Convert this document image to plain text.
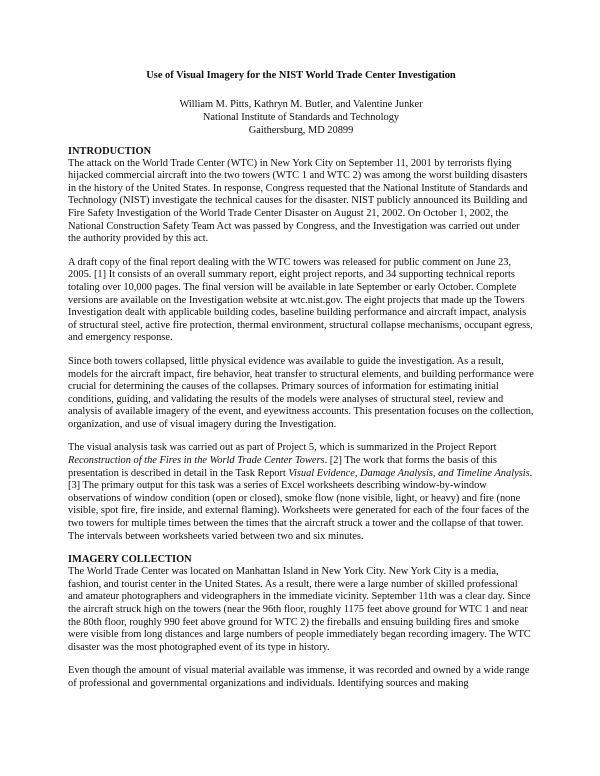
Use of Visual Imagery for the NIST World Trade Center Investigation
William M. Pitts, Kathryn M. Butler, and Valentine Junker
National Institute of Standards and Technology
Gaithersburg, MD 20899
INTRODUCTION

The attack on the World Trade Center (WTC) in New York City on September 11, 2001 by terrorists flying hijacked commercial aircraft into the two towers (WTC 1 and WTC 2) was among the worst building disasters in the history of the United States. In response, Congress requested that the National Institute of Standards and Technology (NIST) investigate the technical causes for the disaster. NIST publicly announced its Building and Fire Safety Investigation of the World Trade Center Disaster on August 21, 2002. On October 1, 2002, the National Construction Safety Team Act was passed by Congress, and the Investigation was carried out under the authority provided by this act.

A draft copy of the final report dealing with the WTC towers was released for public comment on June 23, 2005. [1] It consists of an overall summary report, eight project reports, and 34 supporting technical reports totaling over 10,000 pages. The final version will be available in late September or early October. Complete versions are available on the Investigation website at wtc.nist.gov. The eight projects that made up the Towers Investigation dealt with applicable building codes, baseline building performance and aircraft impact, analysis of structural steel, active fire protection, thermal environment, structural collapse mechanisms, occupant egress, and emergency response.

Since both towers collapsed, little physical evidence was available to guide the investigation. As a result, models for the aircraft impact, fire behavior, heat transfer to structural elements, and building performance were crucial for determining the causes of the collapses. Primary sources of information for estimating initial conditions, guiding, and validating the results of the models were analyses of structural steel, review and analysis of available imagery of the event, and eyewitness accounts. This presentation focuses on the collection, organization, and use of visual imagery during the Investigation.

The visual analysis task was carried out as part of Project 5, which is summarized in the Project Report Reconstruction of the Fires in the World Trade Center Towers. [2] The work that forms the basis of this presentation is described in detail in the Task Report Visual Evidence, Damage Analysis, and Timeline Analysis. [3] The primary output for this task was a series of Excel worksheets describing window-by-window observations of window condition (open or closed), smoke flow (none visible, light, or heavy) and fire (none visible, spot fire, fire inside, and external flaming). Worksheets were generated for each of the four faces of the two towers for multiple times between the times that the aircraft struck a tower and the collapse of that tower. The intervals between worksheets varied between two and six minutes.

IMAGERY COLLECTION

The World Trade Center was located on Manhattan Island in New York City. New York City is a media, fashion, and tourist center in the United States. As a result, there were a large number of skilled professional and amateur photographers and videographers in the immediate vicinity. September 11th was a clear day. Since the aircraft struck high on the towers (near the 96th floor, roughly 1175 feet above ground for WTC 1 and near the 80th floor, roughly 990 feet above ground for WTC 2) the fireballs and ensuing building fires and smoke were visible from long distances and large numbers of people immediately began recording imagery. The WTC disaster was the most photographed event of its type in history.

Even though the amount of visual material available was immense, it was recorded and owned by a wide range of professional and governmental organizations and individuals. Identifying sources and making
